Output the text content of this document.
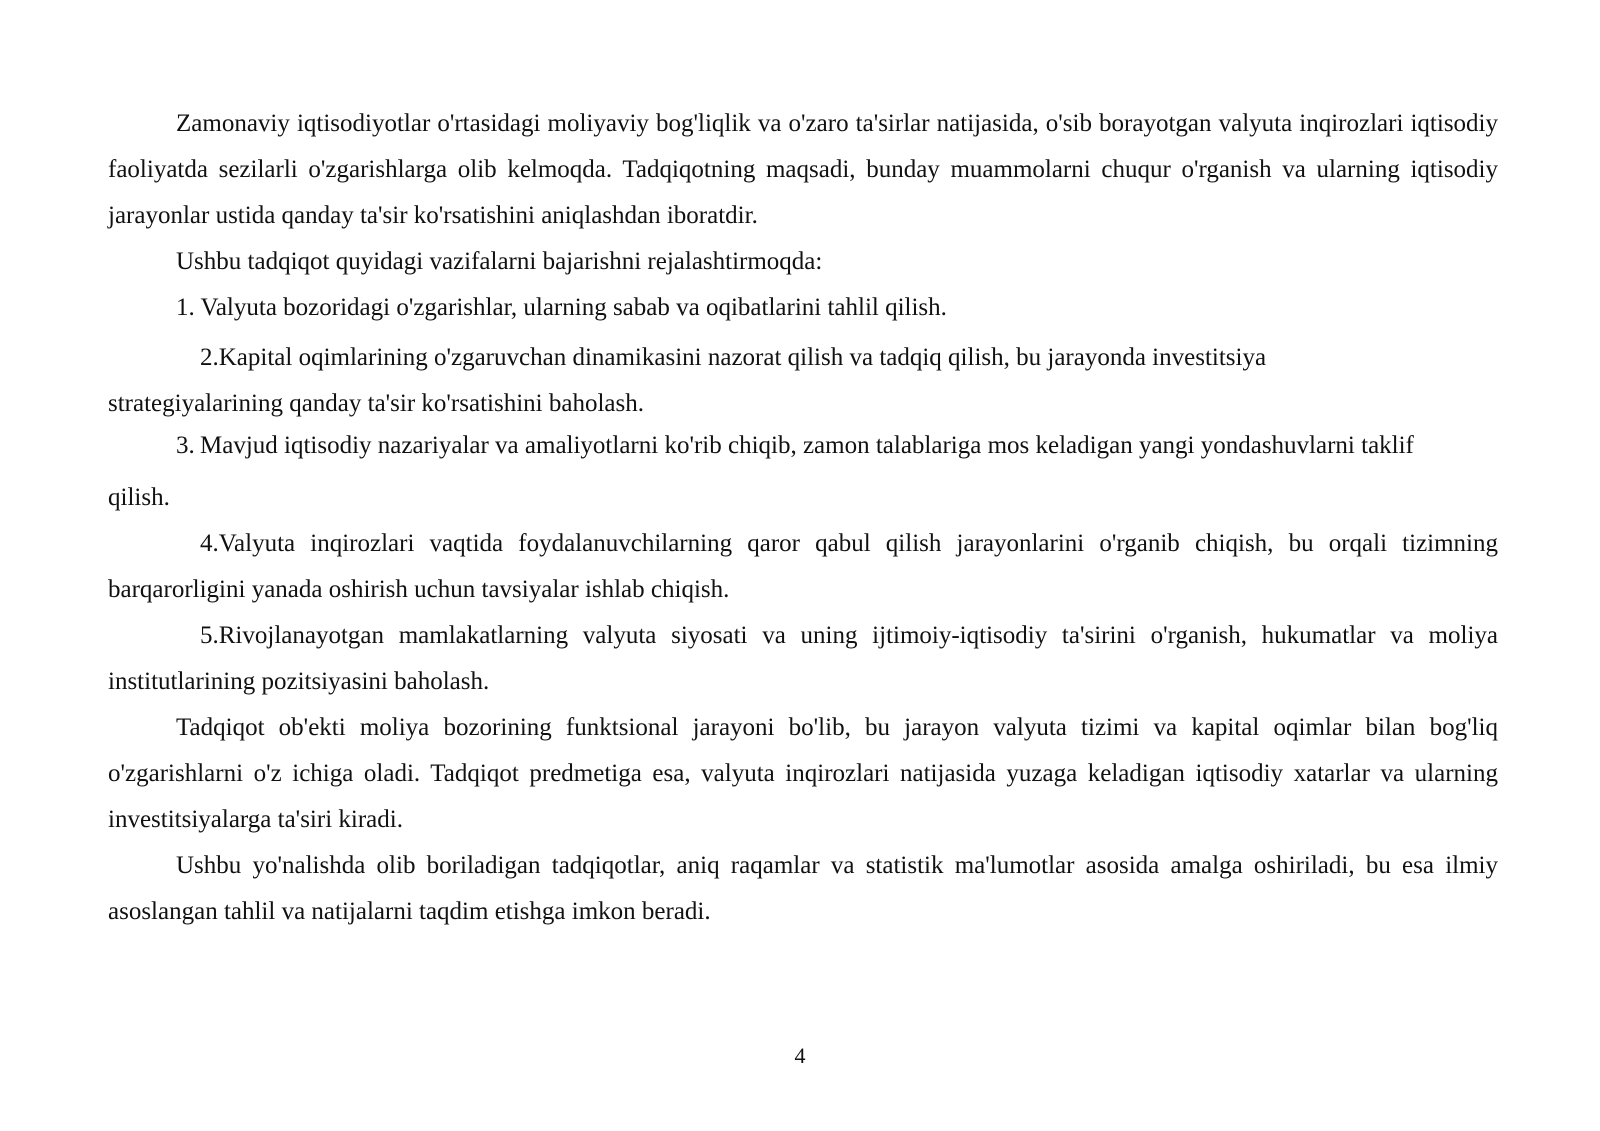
Zamonaviy iqtisodiyotlar o'rtasidagi moliyaviy bog'liqlik va o'zaro ta'sirlar natijasida, o'sib borayotgan valyuta inqirozlari iqtisodiy faoliyatda sezilarli o'zgarishlarga olib kelmoqda. Tadqiqotning maqsadi, bunday muammolarni chuqur o'rganish va ularning iqtisodiy jarayonlar ustida qanday ta'sir ko'rsatishini aniqlashdan iboratdir.

Ushbu tadqiqot quyidagi vazifalarni bajarishni rejalashtirmoqda:

1. Valyuta bozoridagi o'zgarishlar, ularning sabab va oqibatlarini tahlil qilish.

2.Kapital oqimlarining o'zgaruvchan dinamikasini nazorat qilish va tadqiq qilish, bu jarayonda investitsiya

strategiyalarining qanday ta'sir ko'rsatishini baholash.

3. Mavjud iqtisodiy nazariyalar va amaliyotlarni ko'rib chiqib, zamon talablariga mos keladigan yangi yondashuvlarni taklif

qilish.

4.Valyuta inqirozlari vaqtida foydalanuvchilarning qaror qabul qilish jarayonlarini o'rganib chiqish, bu orqali tizimning barqarorligini yanada oshirish uchun tavsiyalar ishlab chiqish.

5.Rivojlanayotgan mamlakatlarning valyuta siyosati va uning ijtimoiy-iqtisodiy ta'sirini o'rganish, hukumatlar va moliya institutlarining pozitsiyasini baholash.

Tadqiqot ob'ekti moliya bozorining funktsional jarayoni bo'lib, bu jarayon valyuta tizimi va kapital oqimlar bilan bog'liq o'zgarishlarni o'z ichiga oladi. Tadqiqot predmetiga esa, valyuta inqirozlari natijasida yuzaga keladigan iqtisodiy xatarlar va ularning investitsiyalarga ta'siri kiradi.

Ushbu yo'nalishda olib boriladigan tadqiqotlar, aniq raqamlar va statistik ma'lumotlar asosida amalga oshiriladi, bu esa ilmiy asoslangan tahlil va natijalarni taqdim etishga imkon beradi.

4
